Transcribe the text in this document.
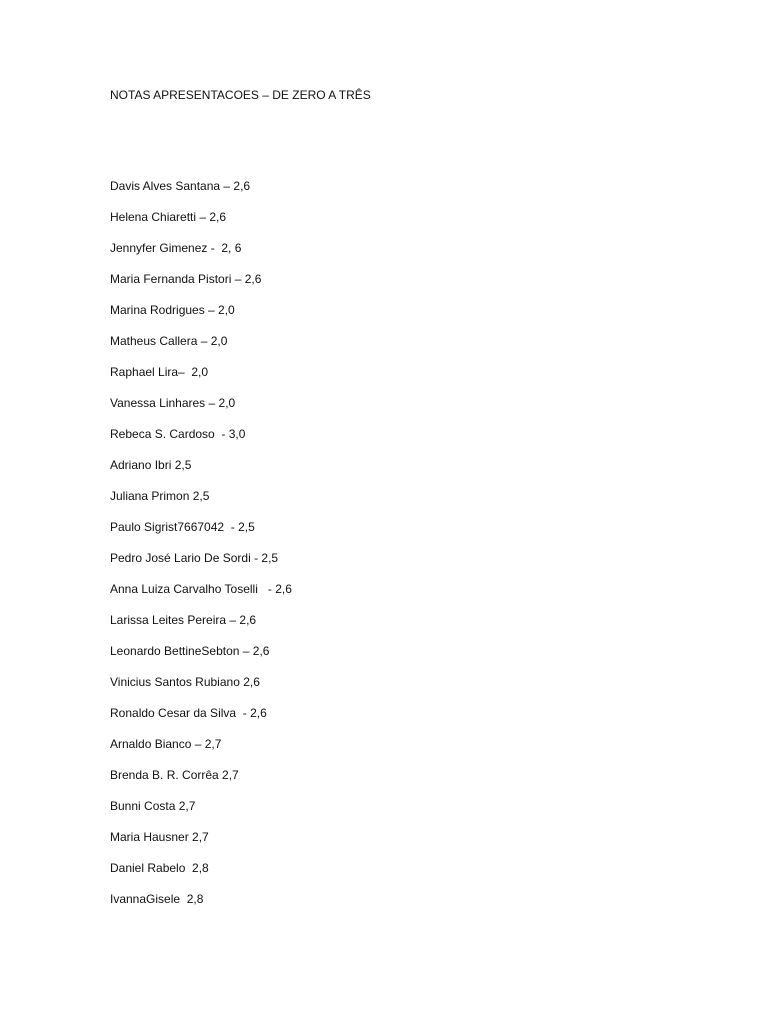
NOTAS APRESENTACOES – DE ZERO A TRÊS
Davis Alves Santana – 2,6
Helena Chiaretti – 2,6
Jennyfer Gimenez -  2, 6
Maria Fernanda Pistori – 2,6
Marina Rodrigues – 2,0
Matheus Callera – 2,0
Raphael Lira–  2,0
Vanessa Linhares – 2,0
Rebeca S. Cardoso  - 3,0
Adriano Ibri 2,5
Juliana Primon 2,5
Paulo Sigrist7667042  - 2,5
Pedro José Lario De Sordi - 2,5
Anna Luiza Carvalho Toselli   - 2,6
Larissa Leites Pereira – 2,6
Leonardo BettineSebton – 2,6
Vinicius Santos Rubiano 2,6
Ronaldo Cesar da Silva  - 2,6
Arnaldo Bianco – 2,7
Brenda B. R. Corrêa 2,7
Bunni Costa 2,7
Maria Hausner 2,7
Daniel Rabelo  2,8
IvannaGisele  2,8
